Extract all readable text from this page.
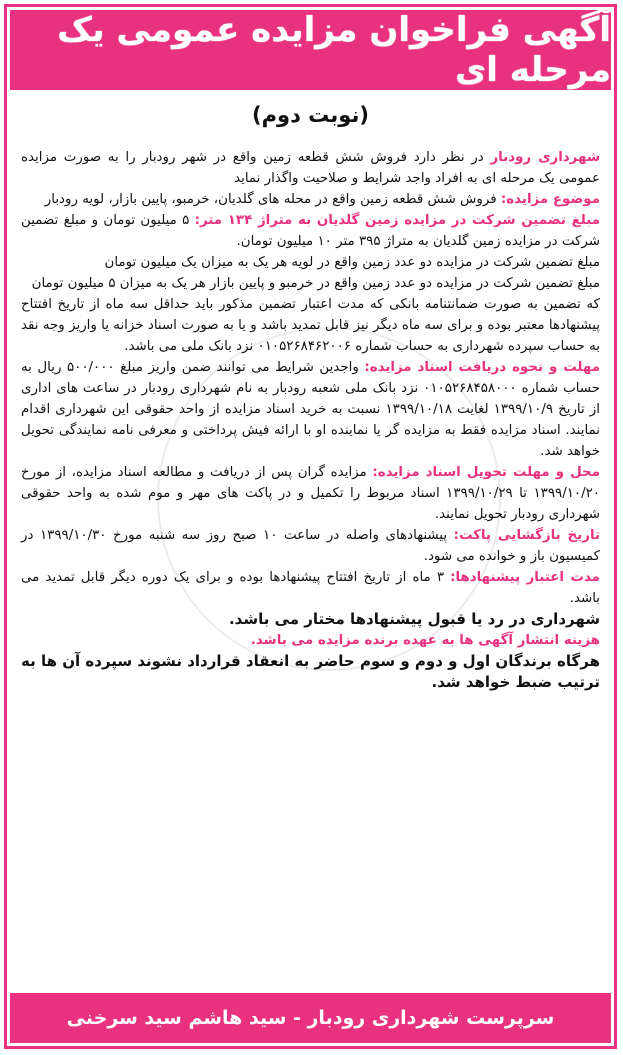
آگهی فراخوان مزایده عمومی یک مرحله ای
(نوبت دوم)

شهرداری رودبار در نظر دارد فروش شش قطعه زمین واقع در شهر رودبار را به صورت مزایده عمومی یک مرحله ای به افراد واجد شرایط و صلاحیت واگذار نماید

موضوع مزایده: فروش شش قطعه زمین واقع در محله های گلدیان، خرمبو، پایین بازار، لویه رودبار

مبلغ تضمین شرکت در مزایده زمین گلدیان به متراژ ۱۳۴ متر: ۵ میلیون تومان و مبلغ تضمین شرکت در مزایده زمین گلدیان به متراژ ۳۹۵ متر ۱۰ میلیون تومان.

مبلغ تضمین شرکت در مزایده دو عدد زمین واقع در لویه هر یک به میزان یک میلیون تومان

مبلغ تضمین شرکت در مزایده دو عدد زمین واقع در خرمبو و پایین بازار هر یک به میزان ۵ میلیون تومان

که تضمین به صورت ضمانتنامه بانکی که مدت اعتبار تضمین مذکور باید حداقل سه ماه از تاریخ افتتاح پیشنهادها معتبر بوده و برای سه ماه دیگر نیز قابل تمدید باشد و یا به صورت اسناد خزانه یا واریز وجه نقد به حساب سپرده شهرداری به حساب شماره ۰۱۰۵۲۶۸۴۶۲۰۰۶ نزد بانک ملی می باشد.

مهلت و نحوه دریافت اسناد مزایده: واجدین شرایط می توانند ضمن واریز مبلغ ۵۰۰/۰۰۰ ریال به حساب شماره ۰۱۰۵۲۶۸۴۵۸۰۰۰ نزد بانک ملی شعبه رودبار به نام شهرداری رودبار در ساعت های اداری از تاریخ ۱۳۹۹/۱۰/۹ لغایت ۱۳۹۹/۱۰/۱۸ نسبت به خرید اسناد مزایده از واحد حقوقی این شهرداری اقدام نمایند. اسناد مزایده فقط به مزایده گر یا نماینده او با ارائه فیش پرداختی و معرفی نامه نمایندگی تحویل خواهد شد.

محل و مهلت تحویل اسناد مزایده: مزایده گران پس از دریافت و مطالعه اسناد مزایده، از مورخ ۱۳۹۹/۱۰/۲۰ تا ۱۳۹۹/۱۰/۲۹ اسناد مربوط را تکمیل و در پاکت های مهر و موم شده به واحد حقوقی شهرداری رودبار تحویل نمایند.

تاریخ بازگشایی پاکت: پیشنهادهای واصله در ساعت ۱۰ صبح روز سه شنبه مورخ ۱۳۹۹/۱۰/۳۰ در کمیسیون باز و خوانده می شود.

مدت اعتبار پیشنهادها: ۳ ماه از تاریخ افتتاح پیشنهادها بوده و برای یک دوره دیگر قابل تمدید می باشد.

شهرداری در رد یا قبول پیشنهادها مختار می باشد.

هزینه انتشار آگهی ها به عهده برنده مزایده می باشد.

هرگاه برندگان اول و دوم و سوم حاضر به انعقاد قرارداد نشوند سپرده آن ها به ترتیب ضبط خواهد شد.

سرپرست شهرداری رودبار - سید هاشم سید سرخنی
